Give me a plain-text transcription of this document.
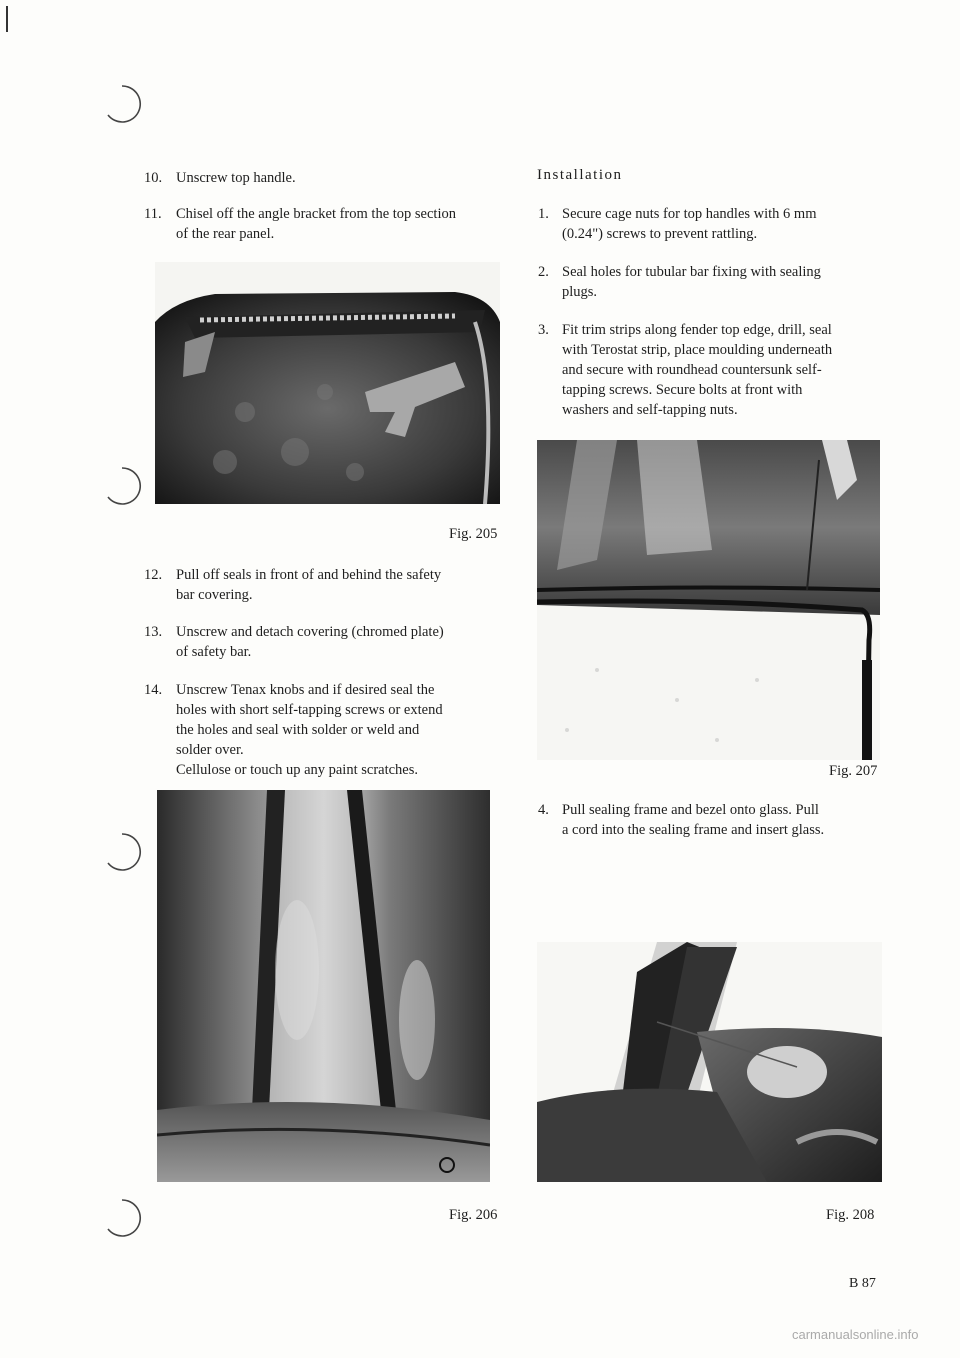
10. Unscrew top handle.
11. Chisel off the angle bracket from the top section
of the rear panel.
Fig. 205
12. Pull off seals in front of and behind the safety
bar covering.
13. Unscrew and detach covering (chromed plate)
of safety bar.
14. Unscrew Tenax knobs and if desired seal the
holes with short self-tapping screws or extend
the holes and seal with solder or weld and
solder over.
Cellulose or touch up any paint scratches.
Fig. 206
Installation
1. Secure cage nuts for top handles with 6 mm
(0.24") screws to prevent rattling.
2. Seal holes for tubular bar fixing with sealing
plugs.
3. Fit trim strips along fender top edge, drill, seal
with Terostat strip, place moulding underneath
and secure with roundhead countersunk self-
tapping screws. Secure bolts at front with
washers and self-tapping nuts.
Fig. 207
4. Pull sealing frame and bezel onto glass. Pull
a cord into the sealing frame and insert glass.
Fig. 208
B 87
carmanualsonline.info
